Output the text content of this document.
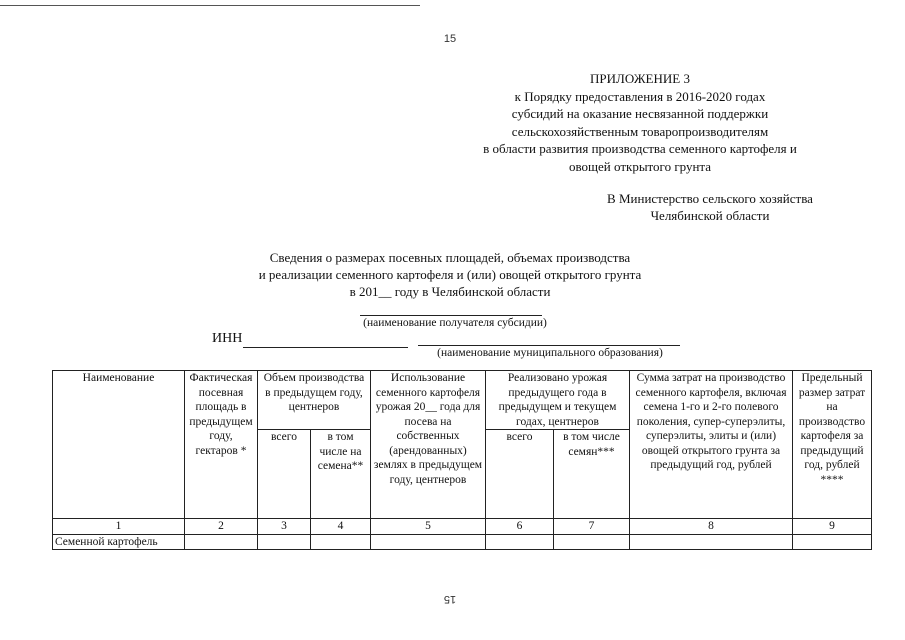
15
ПРИЛОЖЕНИЕ 3
к Порядку предоставления в 2016-2020 годах
субсидий на оказание несвязанной поддержки
сельскохозяйственным товаропроизводителям
в области развития производства семенного картофеля и
овощей открытого грунта
В Министерство сельского хозяйства
Челябинской области
Сведения о размерах посевных площадей, объемах производства
и реализации семенного картофеля и (или) овощей открытого грунта
в 201__ году в Челябинской области
(наименование получателя субсидии)
ИНН
(наименование муниципального образования)
Наименование	Фактическая посевная площадь в предыдущем году, гектаров *	Объем производства в предыдущем году, центнеров		Использование семенного картофеля урожая 20__ года для посева на собственных (арендованных) землях в предыдущем году, центнеров	Реализовано урожая предыдущего года в предыдущем и текущем годах, центнеров		Сумма затрат на производство семенного картофеля, включая семена 1-го и 2-го полевого поколения, супер-суперэлиты, суперэлиты, элиты и (или) овощей открытого грунта за предыдущий год, рублей	Предельный размер затрат на производство картофеля за предыдущий год, рублей ****
		всего	в том числе на семена**		всего	в том числе семян***		
1	2	3	4	5	6	7	8	9
Семенной картофель								
15
